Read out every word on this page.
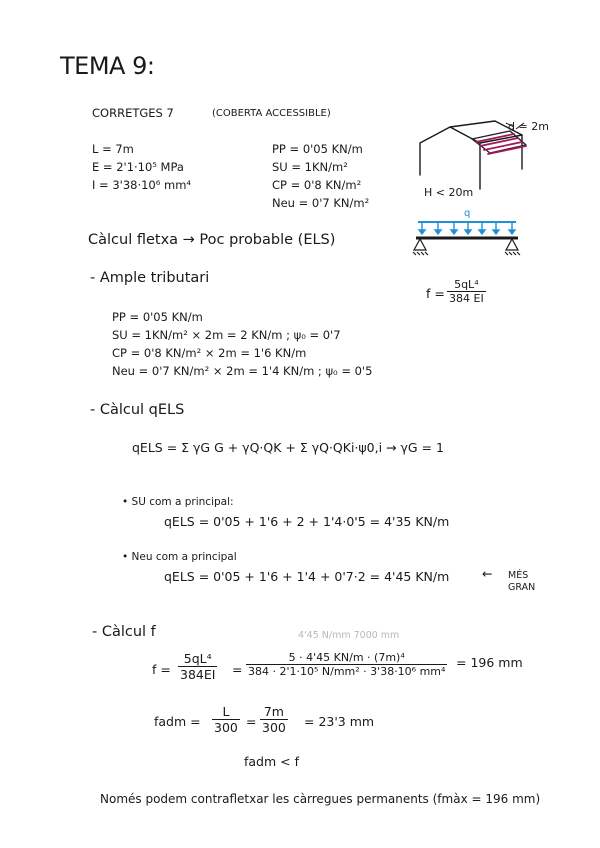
TEMA 9:
CORRETGES 7	(COBERTA ACCESSIBLE)
L = 7m
E = 2'1·10⁵ MPa
I = 3'38·10⁶ mm⁴
PP = 0'05 KN/m
SU = 1KN/m²
CP = 0'8 KN/m²
Neu = 0'7 KN/m²
d = 2m
H < 20m
q
Càlcul fletxa → Poc probable (ELS)
$f = \frac{\text{5qL⁴}}{384 EI}$
- Ample tributari
PP = 0'05 KN/m
SU = 1KN/m² × 2m = 2 KN/m ; ψ₀ = 0'7
CP = 0'8 KN/m² × 2m = 1'6 KN/m
Neu = 0'7 KN/m² × 2m = 1'4 KN/m ; ψ₀ = 0'5
- Càlcul qELS
qELS = Σ γG G + γQ·QK + Σ γQ·QKi·ψ0,i → γG = 1
• SU com a principal:
qELS = 0'05 + 1'6 + 2 + 1'4·0'5 = 4'35 KN/m
• Neu com a principal
qELS = 0'05 + 1'6 + 1'4 + 0'7·2 = 4'45 KN/m	← MÉS GRAN
- Càlcul f	4'45 N/mm 7000 mm
$f = \frac{\text{5qL⁴}}{384EI} = \frac{\text{5 · 4'45 KN/m · (7m)⁴}}{\text{384 · 2'1·10⁵ N/mm² · 3'38·10⁶ mm⁴}} = 196$ mm
fadm = $\frac{L}{300} = \frac{7m}{300} = 23'3$ mm
fadm < f
Només podem contrafletxar les càrregues permanents (fmàx = 196 mm)
